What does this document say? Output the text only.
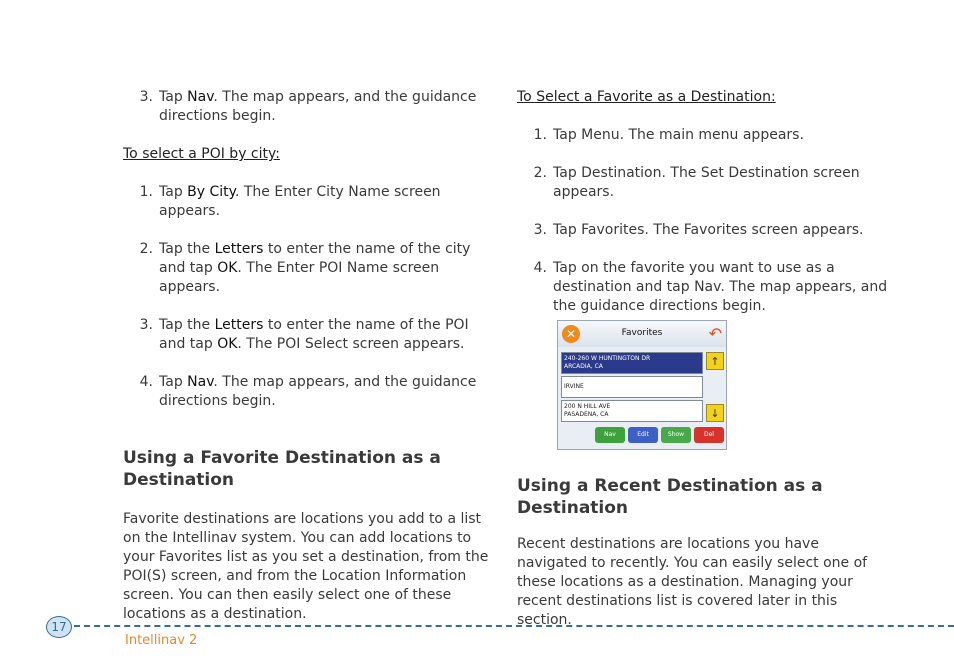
3. Tap Nav. The map appears, and the guidance directions begin.

To select a POI by city:

1. Tap By City. The Enter City Name screen appears.
2. Tap the Letters to enter the name of the city and tap OK. The Enter POI Name screen appears.
3. Tap the Letters to enter the name of the POI and tap OK. The POI Select screen appears.
4. Tap Nav. The map appears, and the guidance directions begin.
Using a Favorite Destination as a Destination

Favorite destinations are locations you add to a list on the Intellinav system. You can add locations to your Favorites list as you set a destination, from the POI(S) screen, and from the Location Information screen. You can then easily select one of these locations as a destination.

To Select a Favorite as a Destination:

1. Tap Menu. The main menu appears.
2. Tap Destination. The Set Destination screen appears.
3. Tap Favorites. The Favorites screen appears.
4. Tap on the favorite you want to use as a destination and tap Nav. The map appears, and the guidance directions begin.
Using a Recent Destination as a Destination

Recent destinations are locations you have navigated to recently. You can easily select one of these locations as a destination. Managing your recent destinations list is covered later in this section.

✕	Favorites	↶
240-260 W HUNTINGTON DR
ARCADIA, CA
IRVINE
200 N HILL AVE
PASADENA, CA
↑
↓
Nav	Edit	Show	Del
17
Intellinav 2
